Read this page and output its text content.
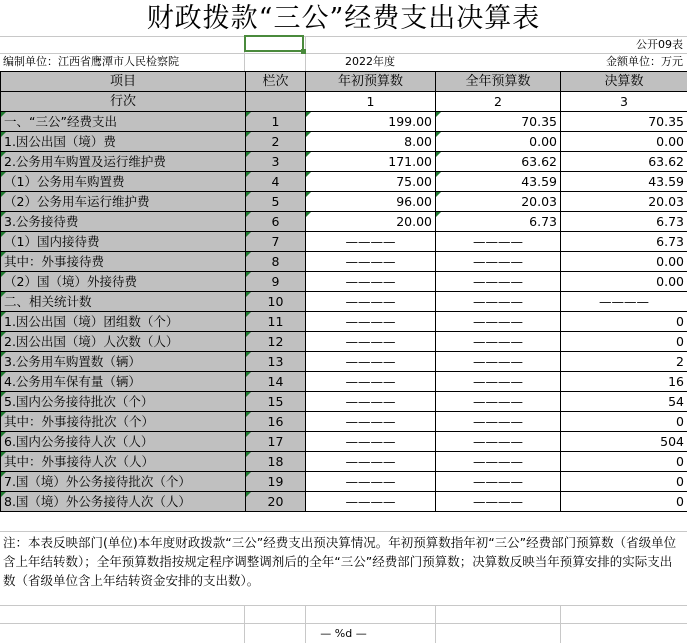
财政拨款“三公”经费支出决算表
公开09表
编制单位：江西省鹰潭市人民检察院	2022年度	金额单位：万元
项目	栏次	年初预算数	全年预算数	决算数
行次		1	2	3
一、“三公”经费支出	1	199.00	70.35	70.35
1.因公出国（境）费	2	8.00	0.00	0.00
2.公务用车购置及运行维护费	3	171.00	63.62	63.62
（1）公务用车购置费	4	75.00	43.59	43.59
（2）公务用车运行维护费	5	96.00	20.03	20.03
3.公务接待费	6	20.00	6.73	6.73
（1）国内接待费	7	————	————	6.73
其中：外事接待费	8	————	————	0.00
（2）国（境）外接待费	9	————	————	0.00
二、相关统计数	10	————	————	————
1.因公出国（境）团组数（个）	11	————	————	0
2.因公出国（境）人次数（人）	12	————	————	0
3.公务用车购置数（辆）	13	————	————	2
4.公务用车保有量（辆）	14	————	————	16
5.国内公务接待批次（个）	15	————	————	54
其中：外事接待批次（个）	16	————	————	0
6.国内公务接待人次（人）	17	————	————	504
其中：外事接待人次（人）	18	————	————	0
7.国（境）外公务接待批次（个）	19	————	————	0
8.国（境）外公务接待人次（人）	20	————	————	0
注：本表反映部门(单位)本年度财政拨款“三公”经费支出预决算情况。年初预算数指年初“三公”经费部门预算数（省级单位含上年结转数）；全年预算数指按规定程序调整调剂后的全年“三公”经费部门预算数；决算数反映当年预算安排的实际支出数（省级单位含上年结转资金安排的支出数）。
— %d —
